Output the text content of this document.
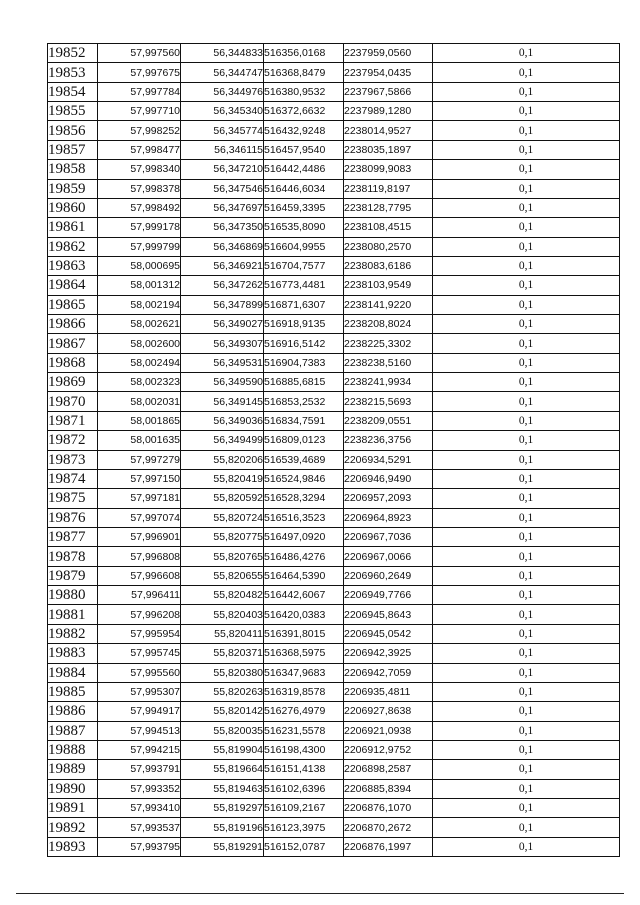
19852	57,997560	56,344833	516356,0168	2237959,0560	0,1
19853	57,997675	56,344747	516368,8479	2237954,0435	0,1
19854	57,997784	56,344976	516380,9532	2237967,5866	0,1
19855	57,997710	56,345340	516372,6632	2237989,1280	0,1
19856	57,998252	56,345774	516432,9248	2238014,9527	0,1
19857	57,998477	56,346115	516457,9540	2238035,1897	0,1
19858	57,998340	56,347210	516442,4486	2238099,9083	0,1
19859	57,998378	56,347546	516446,6034	2238119,8197	0,1
19860	57,998492	56,347697	516459,3395	2238128,7795	0,1
19861	57,999178	56,347350	516535,8090	2238108,4515	0,1
19862	57,999799	56,346869	516604,9955	2238080,2570	0,1
19863	58,000695	56,346921	516704,7577	2238083,6186	0,1
19864	58,001312	56,347262	516773,4481	2238103,9549	0,1
19865	58,002194	56,347899	516871,6307	2238141,9220	0,1
19866	58,002621	56,349027	516918,9135	2238208,8024	0,1
19867	58,002600	56,349307	516916,5142	2238225,3302	0,1
19868	58,002494	56,349531	516904,7383	2238238,5160	0,1
19869	58,002323	56,349590	516885,6815	2238241,9934	0,1
19870	58,002031	56,349145	516853,2532	2238215,5693	0,1
19871	58,001865	56,349036	516834,7591	2238209,0551	0,1
19872	58,001635	56,349499	516809,0123	2238236,3756	0,1
19873	57,997279	55,820206	516539,4689	2206934,5291	0,1
19874	57,997150	55,820419	516524,9846	2206946,9490	0,1
19875	57,997181	55,820592	516528,3294	2206957,2093	0,1
19876	57,997074	55,820724	516516,3523	2206964,8923	0,1
19877	57,996901	55,820775	516497,0920	2206967,7036	0,1
19878	57,996808	55,820765	516486,4276	2206967,0066	0,1
19879	57,996608	55,820655	516464,5390	2206960,2649	0,1
19880	57,996411	55,820482	516442,6067	2206949,7766	0,1
19881	57,996208	55,820403	516420,0383	2206945,8643	0,1
19882	57,995954	55,820411	516391,8015	2206945,0542	0,1
19883	57,995745	55,820371	516368,5975	2206942,3925	0,1
19884	57,995560	55,820380	516347,9683	2206942,7059	0,1
19885	57,995307	55,820263	516319,8578	2206935,4811	0,1
19886	57,994917	55,820142	516276,4979	2206927,8638	0,1
19887	57,994513	55,820035	516231,5578	2206921,0938	0,1
19888	57,994215	55,819904	516198,4300	2206912,9752	0,1
19889	57,993791	55,819664	516151,4138	2206898,2587	0,1
19890	57,993352	55,819463	516102,6396	2206885,8394	0,1
19891	57,993410	55,819297	516109,2167	2206876,1070	0,1
19892	57,993537	55,819196	516123,3975	2206870,2672	0,1
19893	57,993795	55,819291	516152,0787	2206876,1997	0,1
